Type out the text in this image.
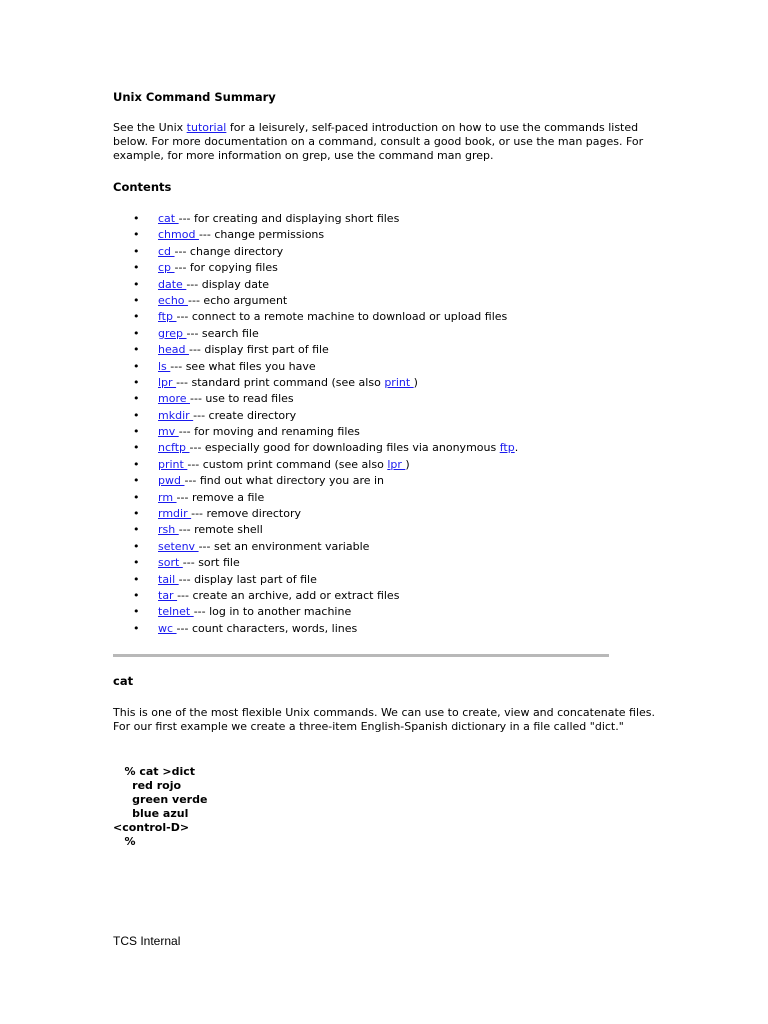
Unix Command Summary
See the Unix tutorial for a leisurely, self-paced introduction on how to use the commands listed below. For more documentation on a command, consult a good book, or use the man pages. For example, for more information on grep, use the command man grep.
Contents
• cat --- for creating and displaying short files
• chmod --- change permissions
• cd --- change directory
• cp --- for copying files
• date --- display date
• echo --- echo argument
• ftp --- connect to a remote machine to download or upload files
• grep --- search file
• head --- display first part of file
• ls --- see what files you have
• lpr --- standard print command (see also print )
• more --- use to read files
• mkdir --- create directory
• mv --- for moving and renaming files
• ncftp --- especially good for downloading files via anonymous ftp.
• print --- custom print command (see also lpr )
• pwd --- find out what directory you are in
• rm --- remove a file
• rmdir --- remove directory
• rsh --- remote shell
• setenv --- set an environment variable
• sort --- sort file
• tail --- display last part of file
• tar --- create an archive, add or extract files
• telnet --- log in to another machine
• wc --- count characters, words, lines
cat
This is one of the most flexible Unix commands. We can use to create, view and concatenate files. For our first example we create a three-item English-Spanish dictionary in a file called "dict."
% cat >dict
red rojo
green verde
blue azul
<control-D>
%
TCS Internal
